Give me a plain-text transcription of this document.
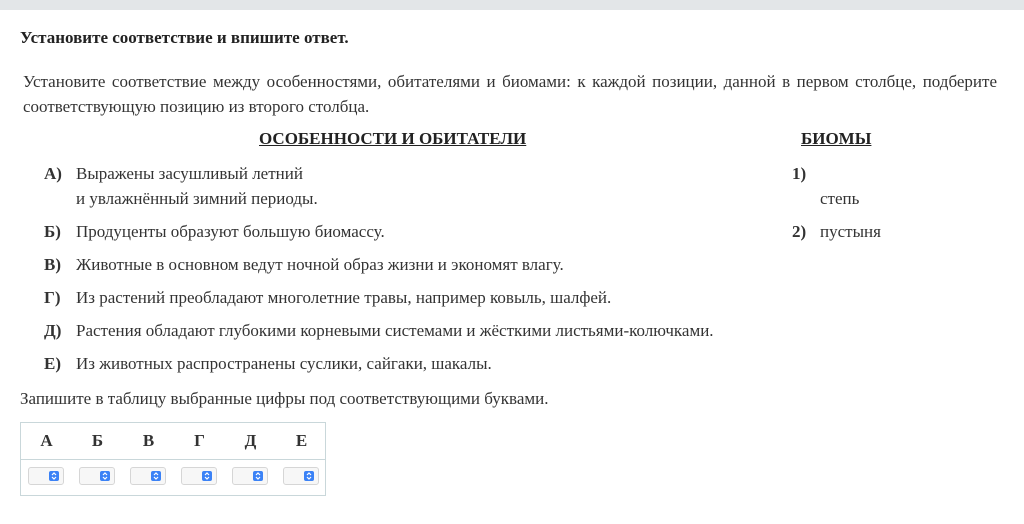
Установите соответствие и впишите ответ.
Установите соответствие между особенностями, обитателями и биомами: к каждой позиции, данной в первом столбце, подберите соответствующую позицию из второго столбца.
ОСОБЕННОСТИ И ОБИТАТЕЛИ	БИОМЫ
А) Выражены засушливый летний
и увлажнённый зимний периоды.
Б) Продуценты образуют большую биомассу.
В) Животные в основном ведут ночной образ жизни и экономят влагу.
Г) Из растений преобладают многолетние травы, например ковыль, шалфей.
Д) Растения обладают глубокими корневыми системами и жёсткими листьями-колючками.
Е) Из животных распространены суслики, сайгаки, шакалы.
1)
степь
2) пустыня
Запишите в таблицу выбранные цифры под соответствующими буквами.
А	Б	В	Г	Д	Е
